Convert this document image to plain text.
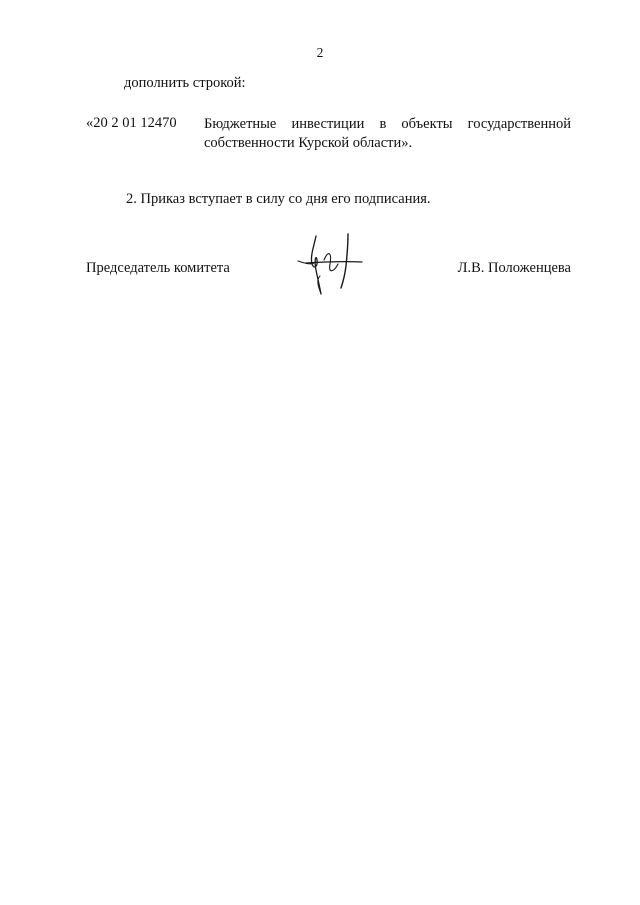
2
дополнить строкой:
«20 2 01 12470 Бюджетные инвестиции в объекты государственной
собственности Курской области».
2. Приказ вступает в силу со дня его подписания.
Председатель комитета	Л.В. Положенцева
